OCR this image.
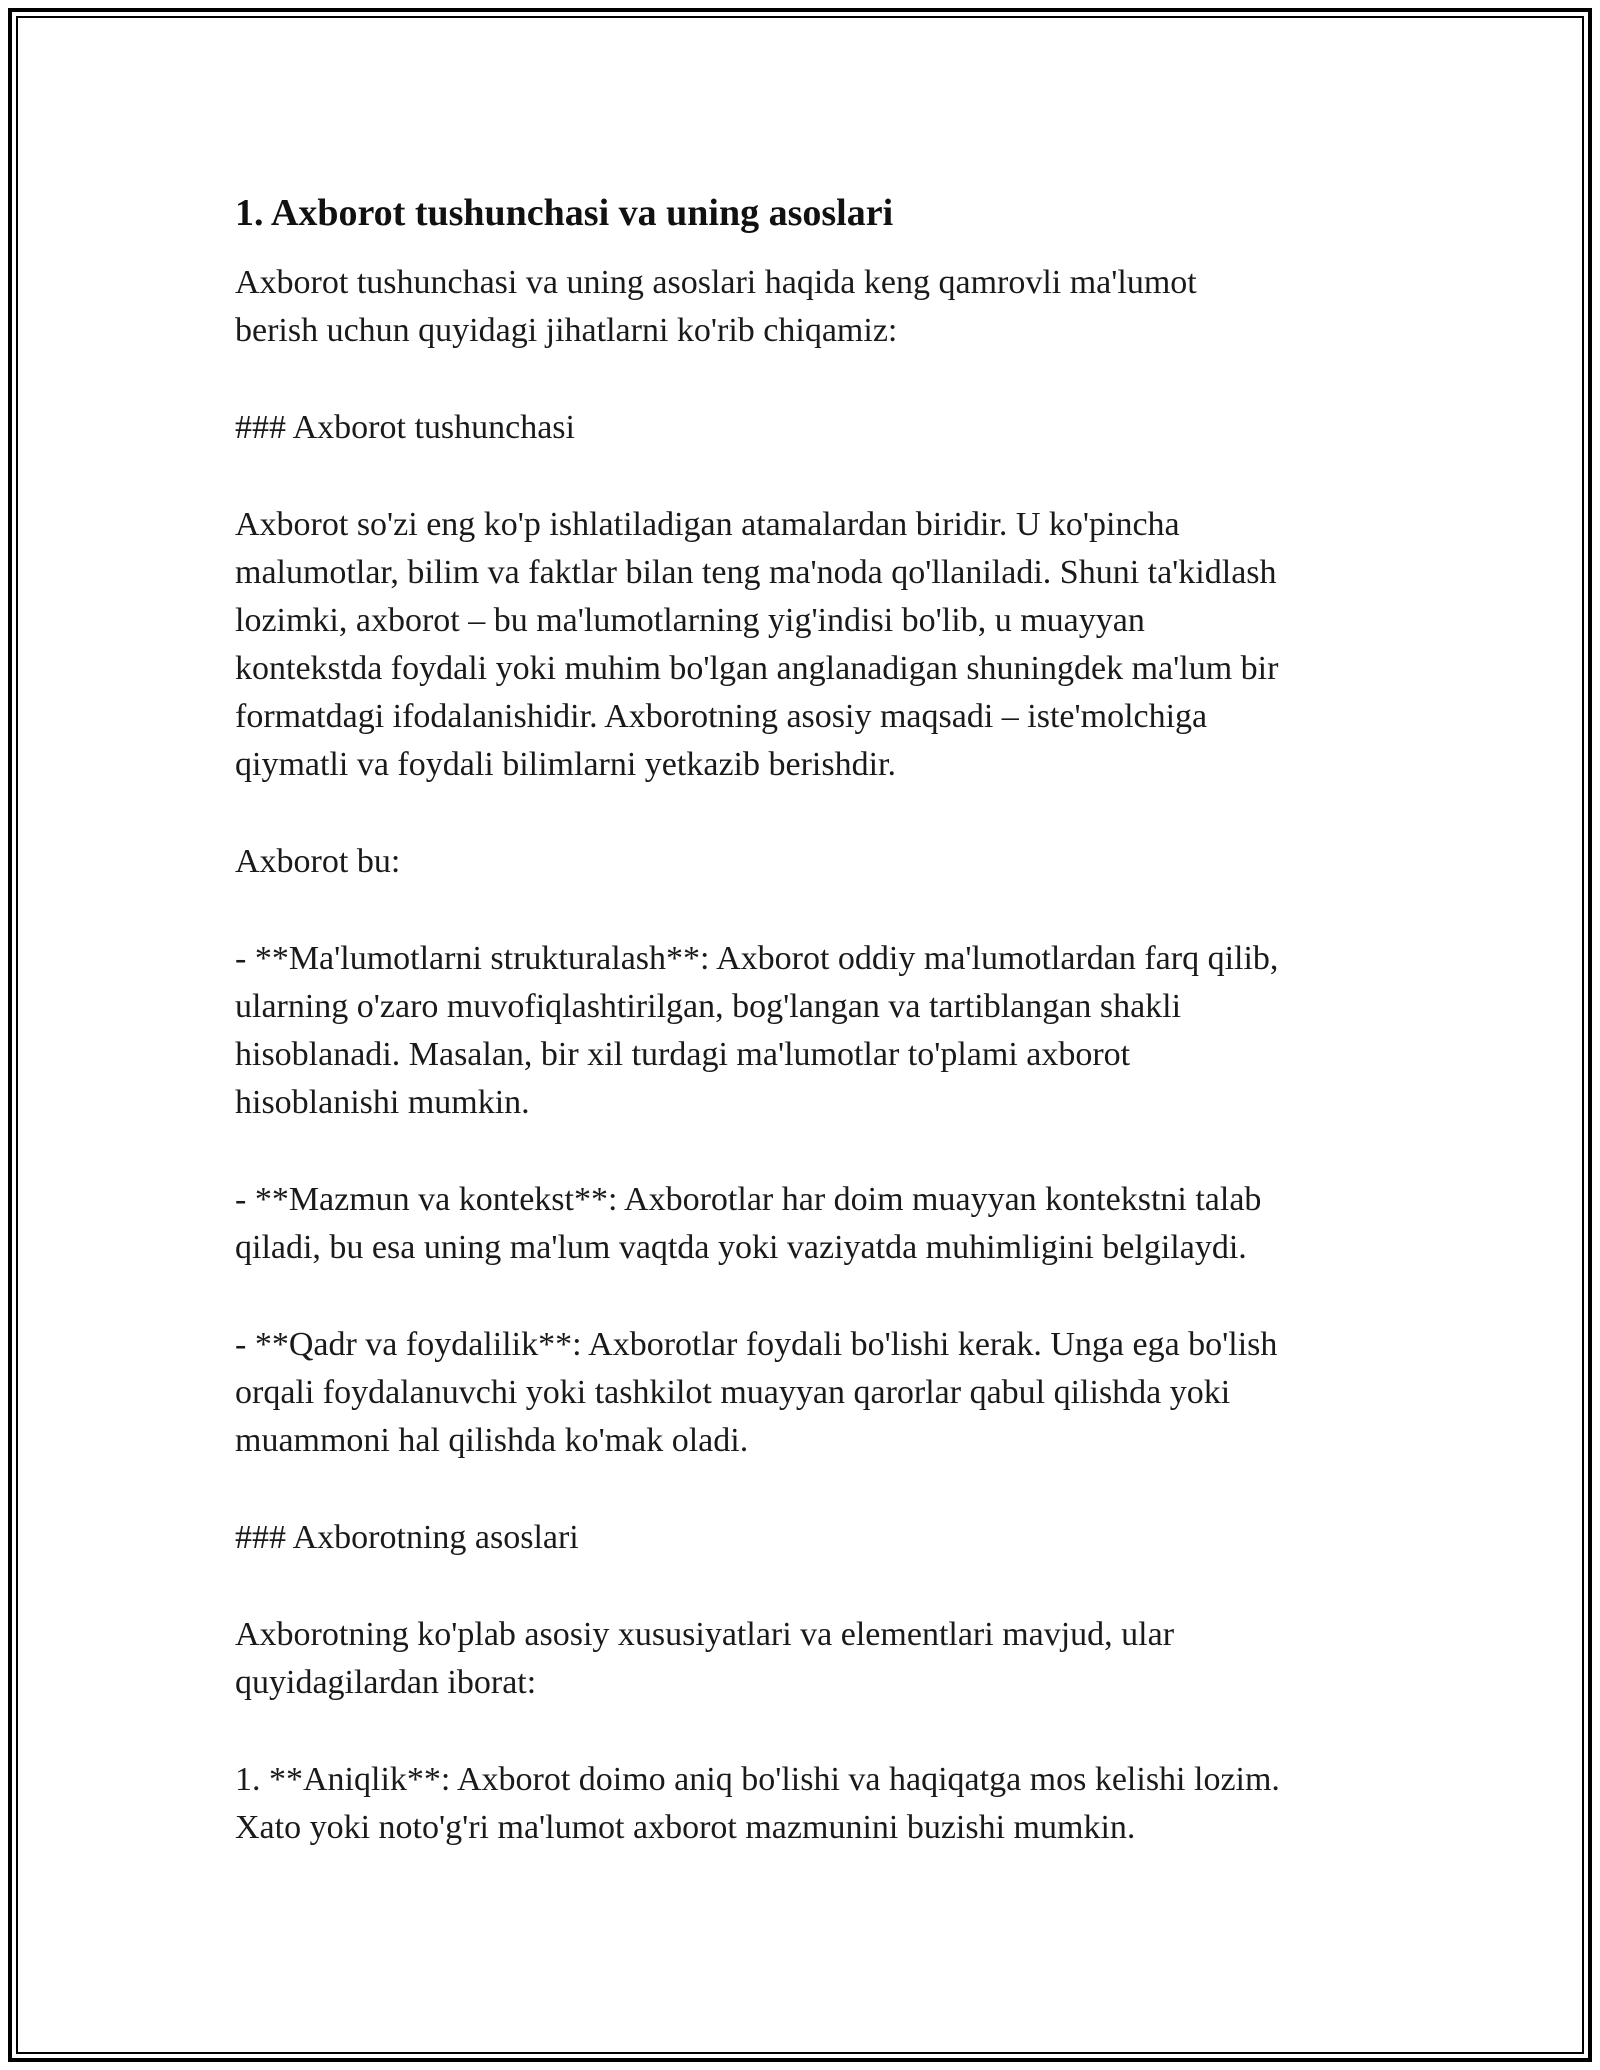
1. Axborot tushunchasi va uning asoslari

Axborot tushunchasi va uning asoslari haqida keng qamrovli ma'lumot
berish uchun quyidagi jihatlarni ko'rib chiqamiz:

### Axborot tushunchasi

Axborot so'zi eng ko'p ishlatiladigan atamalardan biridir. U ko'pincha
malumotlar, bilim va faktlar bilan teng ma'noda qo'llaniladi. Shuni ta'kidlash
lozimki, axborot – bu ma'lumotlarning yig'indisi bo'lib, u muayyan
kontekstda foydali yoki muhim bo'lgan anglanadigan shuningdek ma'lum bir
formatdagi ifodalanishidir. Axborotning asosiy maqsadi – iste'molchiga
qiymatli va foydali bilimlarni yetkazib berishdir.

Axborot bu:

- **Ma'lumotlarni strukturalash**: Axborot oddiy ma'lumotlardan farq qilib,
ularning o'zaro muvofiqlashtirilgan, bog'langan va tartiblangan shakli
hisoblanadi. Masalan, bir xil turdagi ma'lumotlar to'plami axborot
hisoblanishi mumkin.

- **Mazmun va kontekst**: Axborotlar har doim muayyan kontekstni talab
qiladi, bu esa uning ma'lum vaqtda yoki vaziyatda muhimligini belgilaydi.

- **Qadr va foydalilik**: Axborotlar foydali bo'lishi kerak. Unga ega bo'lish
orqali foydalanuvchi yoki tashkilot muayyan qarorlar qabul qilishda yoki
muammoni hal qilishda ko'mak oladi.

### Axborotning asoslari

Axborotning ko'plab asosiy xususiyatlari va elementlari mavjud, ular
quyidagilardan iborat:

1. **Aniqlik**: Axborot doimo aniq bo'lishi va haqiqatga mos kelishi lozim.
Xato yoki noto'g'ri ma'lumot axborot mazmunini buzishi mumkin.
